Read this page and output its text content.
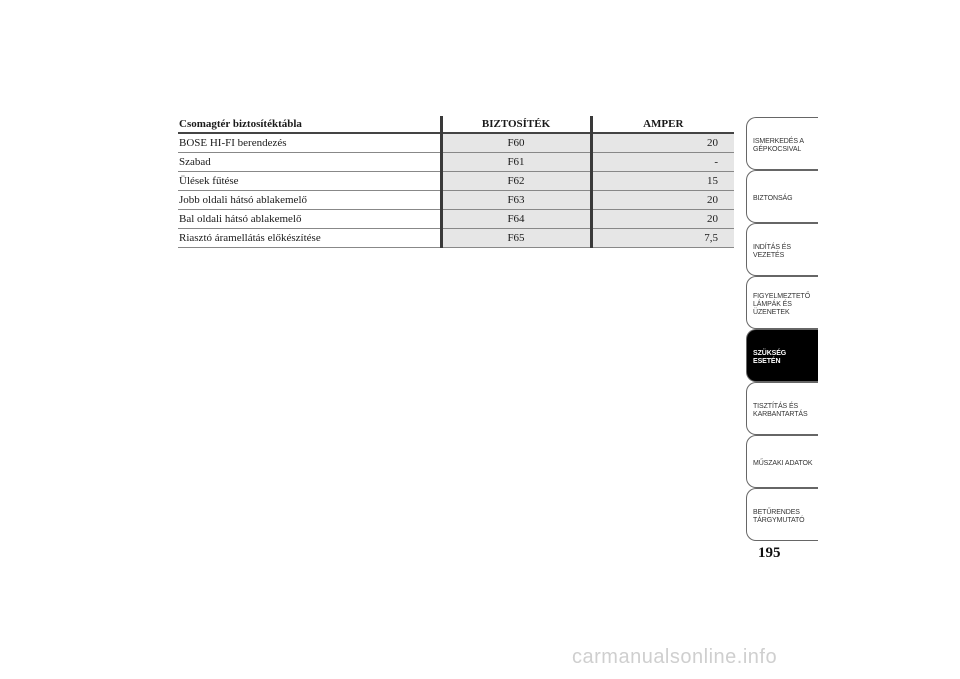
Csomagtér biztosítéktábla	BIZTOSÍTÉK	AMPER
BOSE HI-FI berendezés	F60	20
Szabad	F61	-
Ülések fűtése	F62	15
Jobb oldali hátsó ablakemelő	F63	20
Bal oldali hátsó ablakemelő	F64	20
Riasztó áramellátás előkészítése	F65	7,5
ISMERKEDÉS A
GÉPKOCSIVAL
BIZTONSÁG
INDÍTÁS ÉS
VEZETÉS
FIGYELMEZTETŐ
LÁMPÁK ÉS
ÜZENETEK
SZÜKSÉG ESETÉN
TISZTÍTÁS ÉS
KARBANTARTÁS
MŰSZAKI ADATOK
BETŰRENDES
TÁRGYMUTATÓ
195
carmanualsonline.info
